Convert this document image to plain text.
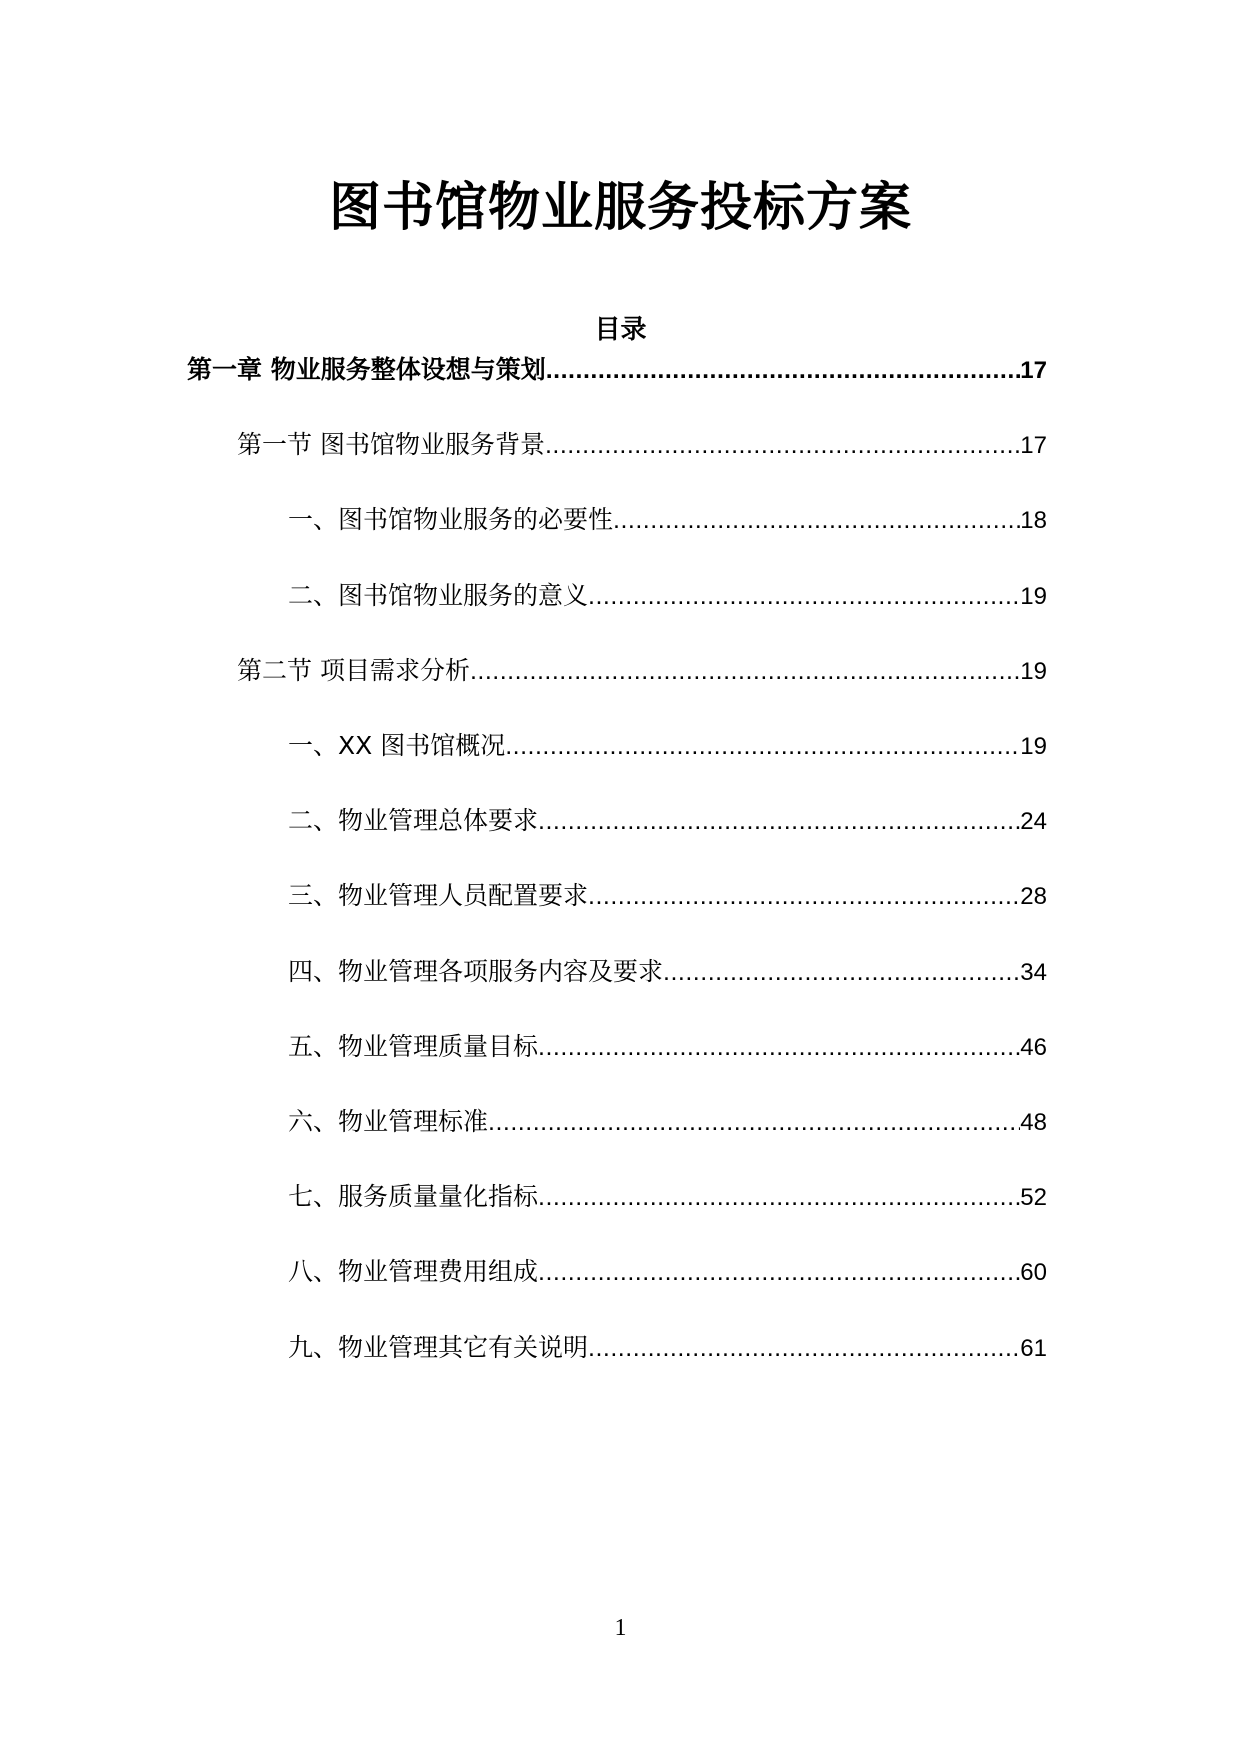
图书馆物业服务投标方案
目录
第一章 物业服务整体设想与策划 .....	17
第一节 图书馆物业服务背景 .....	17
一、图书馆物业服务的必要性 .....	18
二、图书馆物业服务的意义 .....	19
第二节 项目需求分析 .....	19
一、XX 图书馆概况 .....	19
二、物业管理总体要求 .....	24
三、物业管理人员配置要求 .....	28
四、物业管理各项服务内容及要求 .....	34
五、物业管理质量目标 .....	46
六、物业管理标准 .....	48
七、服务质量量化指标 .....	52
八、物业管理费用组成 .....	60
九、物业管理其它有关说明 .....	61
1
